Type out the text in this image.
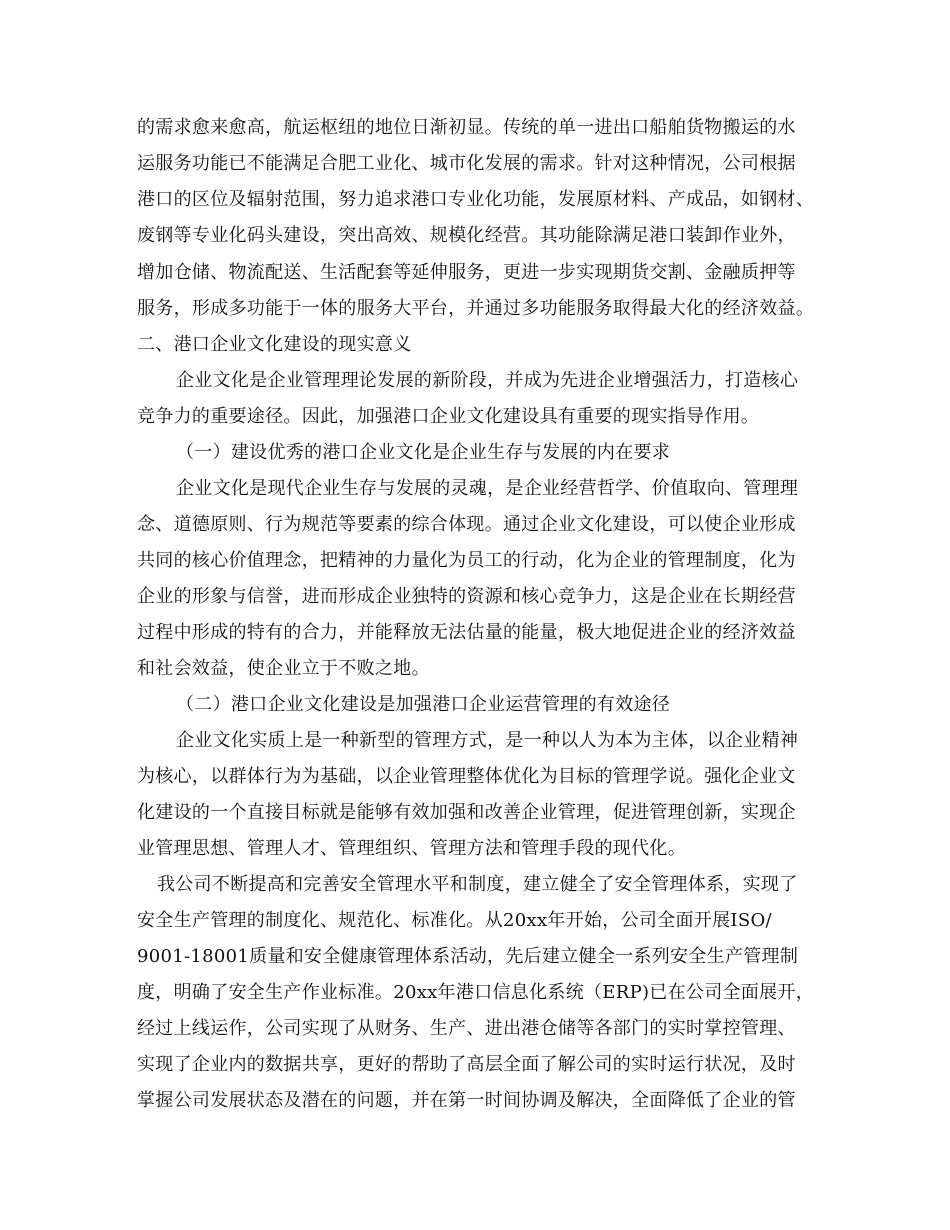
的需求愈来愈高，航运枢纽的地位日渐初显。传统的单一进出口船舶货物搬运的水
运服务功能已不能满足合肥工业化、城市化发展的需求。针对这种情况，公司根据
港口的区位及辐射范围，努力追求港口专业化功能，发展原材料、产成品，如钢材、
废钢等专业化码头建设，突出高效、规模化经营。其功能除满足港口装卸作业外，
增加仓储、物流配送、生活配套等延伸服务，更进一步实现期货交割、金融质押等
服务，形成多功能于一体的服务大平台，并通过多功能服务取得最大化的经济效益。
二、港口企业文化建设的现实意义
企业文化是企业管理理论发展的新阶段，并成为先进企业增强活力，打造核心
竞争力的重要途径。因此，加强港口企业文化建设具有重要的现实指导作用。
（一）建设优秀的港口企业文化是企业生存与发展的内在要求
企业文化是现代企业生存与发展的灵魂，是企业经营哲学、价值取向、管理理
念、道德原则、行为规范等要素的综合体现。通过企业文化建设，可以使企业形成
共同的核心价值理念，把精神的力量化为员工的行动，化为企业的管理制度，化为
企业的形象与信誉，进而形成企业独特的资源和核心竞争力，这是企业在长期经营
过程中形成的特有的合力，并能释放无法估量的能量，极大地促进企业的经济效益
和社会效益，使企业立于不败之地。
（二）港口企业文化建设是加强港口企业运营管理的有效途径
企业文化实质上是一种新型的管理方式，是一种以人为本为主体，以企业精神
为核心，以群体行为为基础，以企业管理整体优化为目标的管理学说。强化企业文
化建设的一个直接目标就是能够有效加强和改善企业管理，促进管理创新，实现企
业管理思想、管理人才、管理组织、管理方法和管理手段的现代化。
我公司不断提高和完善安全管理水平和制度，建立健全了安全管理体系，实现了
安全生产管理的制度化、规范化、标准化。从20xx年开始，公司全面开展ISO/
9001-18001质量和安全健康管理体系活动，先后建立健全一系列安全生产管理制
度，明确了安全生产作业标准。20xx年港口信息化系统（ERP)已在公司全面展开，
经过上线运作，公司实现了从财务、生产、进出港仓储等各部门的实时掌控管理、
实现了企业内的数据共享，更好的帮助了高层全面了解公司的实时运行状况，及时
掌握公司发展状态及潜在的问题，并在第一时间协调及解决，全面降低了企业的管
